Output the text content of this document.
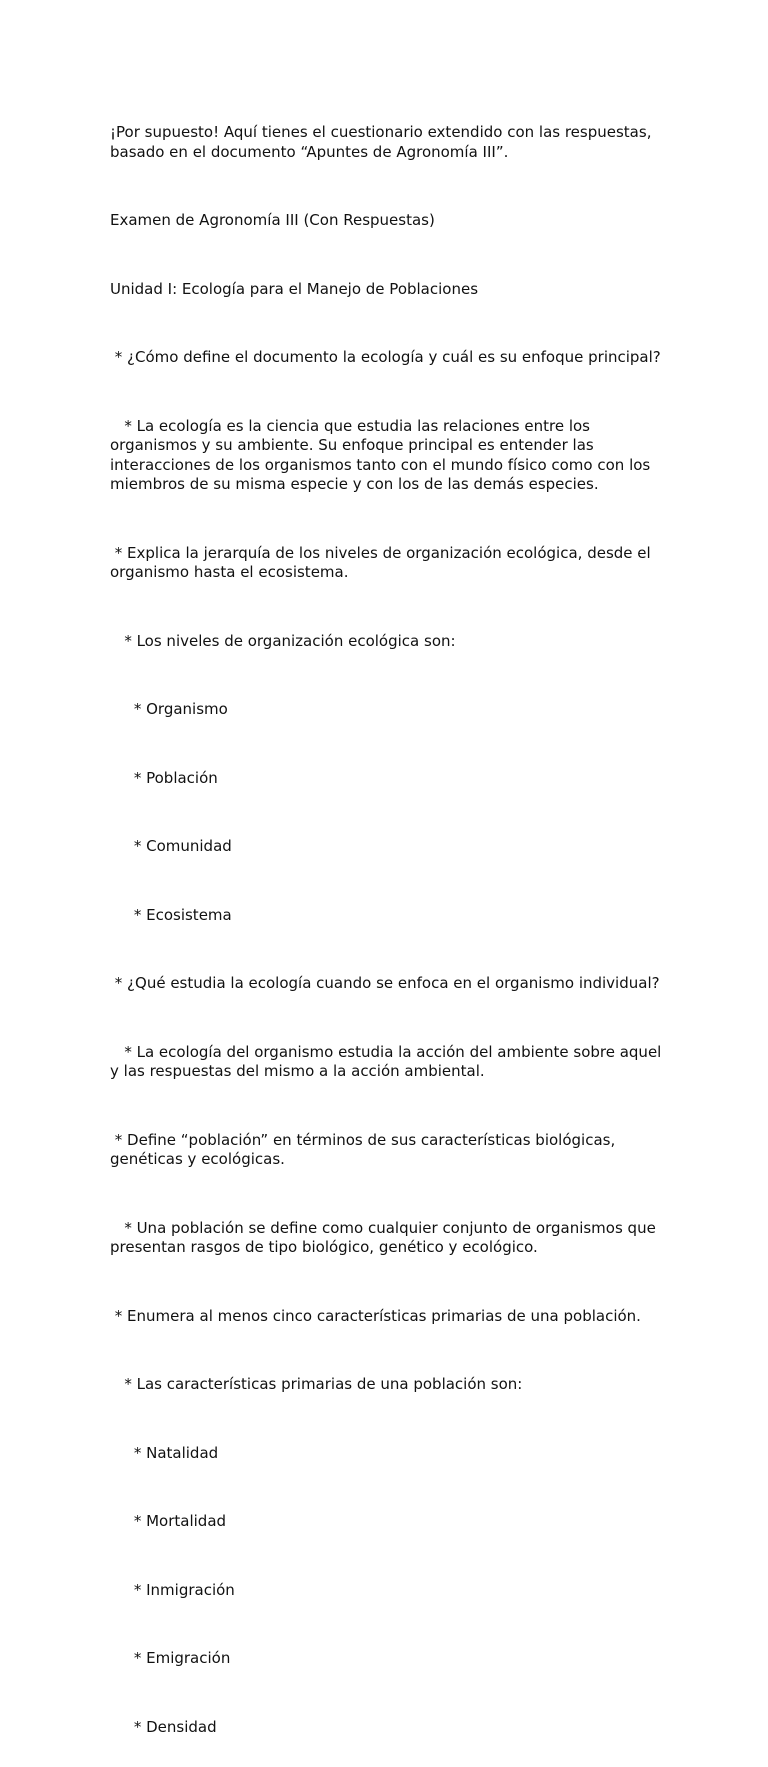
¡Por supuesto! Aquí tienes el cuestionario extendido con las respuestas, basado en el documento “Apuntes de Agronomía III”.

Examen de Agronomía III (Con Respuestas)

Unidad I: Ecología para el Manejo de Poblaciones

* ¿Cómo define el documento la ecología y cuál es su enfoque principal?

* La ecología es la ciencia que estudia las relaciones entre los organismos y su ambiente. Su enfoque principal es entender las interacciones de los organismos tanto con el mundo físico como con los miembros de su misma especie y con los de las demás especies.

* Explica la jerarquía de los niveles de organización ecológica, desde el organismo hasta el ecosistema.

* Los niveles de organización ecológica son:

* Organismo

* Población

* Comunidad

* Ecosistema

* ¿Qué estudia la ecología cuando se enfoca en el organismo individual?

* La ecología del organismo estudia la acción del ambiente sobre aquel y las respuestas del mismo a la acción ambiental.

* Define “población” en términos de sus características biológicas, genéticas y ecológicas.

* Una población se define como cualquier conjunto de organismos que presentan rasgos de tipo biológico, genético y ecológico.

* Enumera al menos cinco características primarias de una población.

* Las características primarias de una población son:

* Natalidad

* Mortalidad

* Inmigración

* Emigración

* Densidad
